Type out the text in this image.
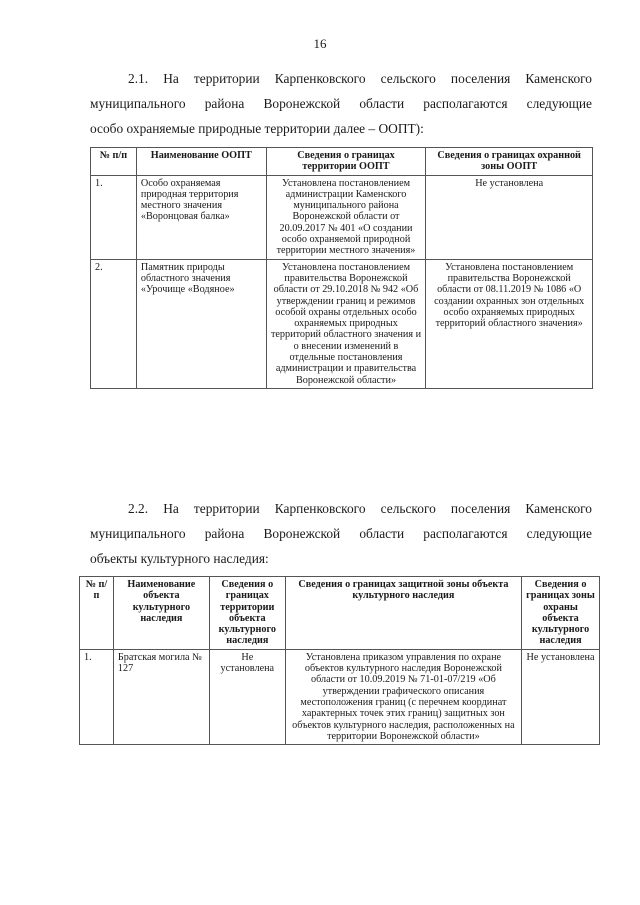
16
2.1. На территории Карпенковского сельского поселения Каменского
муниципального района Воронежской области располагаются следующие
особо охраняемые природные территории далее – ООПТ):
№ п/п	Наименование ООПТ	Сведения о границах территории ООПТ	Сведения о границах охранной зоны ООПТ
1.	Особо охраняемая природная территория местного значения «Воронцовая балка»	Установлена постановлением администрации Каменского муниципального района Воронежской области от 20.09.2017 № 401 «О создании особо охраняемой природной территории местного значения»	Не установлена
2.	Памятник природы областного значения «Урочище «Водяное»	Установлена постановлением правительства Воронежской области от 29.10.2018 № 942 «Об утверждении границ и режимов особой охраны отдельных особо охраняемых природных территорий областного значения и о внесении изменений в отдельные постановления администрации и правительства Воронежской области»	Установлена постановлением правительства Воронежской области от 08.11.2019 № 1086 «О создании охранных зон отдельных особо охраняемых природных территорий областного значения»
2.2. На территории Карпенковского сельского поселения Каменского
муниципального района Воронежской области располагаются следующие
объекты культурного наследия:
№ п/п	Наименование объекта культурного наследия	Сведения о границах территории объекта культурного наследия	Сведения о границах защитной зоны объекта культурного наследия	Сведения о границах зоны охраны объекта культурного наследия
1.	Братская могила № 127	Не установлена	Установлена приказом управления по охране объектов культурного наследия Воронежской области от 10.09.2019 № 71-01-07/219 «Об утверждении графического описания местоположения границ (с перечнем координат характерных точек этих границ) защитных зон объектов культурного наследия, расположенных на территории Воронежской области»	Не установлена
